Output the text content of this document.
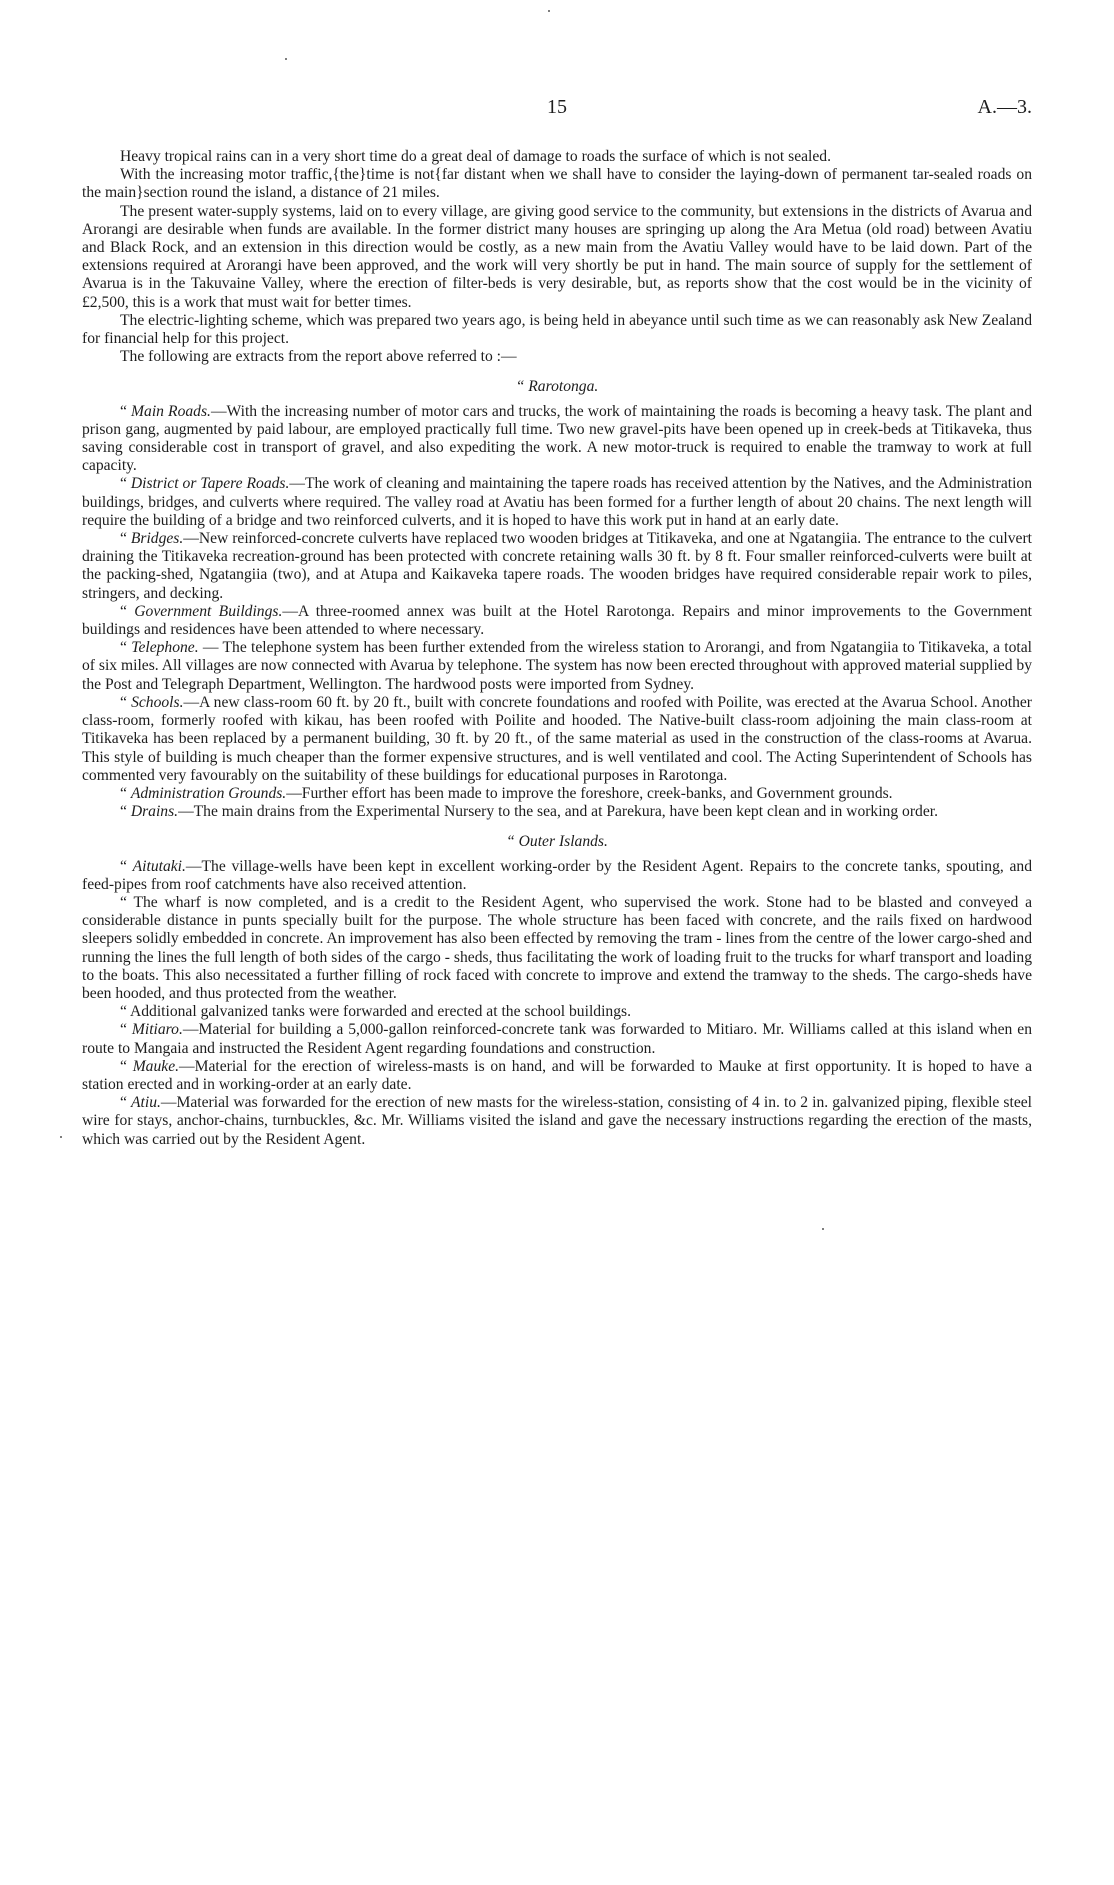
15	A.—3.

Heavy tropical rains can in a very short time do a great deal of damage to roads the surface of which is not sealed.

With the increasing motor traffic,{the}time is not{far distant when we shall have to consider the laying-down of permanent tar-sealed roads on the main}section round the island, a distance of 21 miles.

The present water-supply systems, laid on to every village, are giving good service to the community, but extensions in the districts of Avarua and Arorangi are desirable when funds are available. In the former district many houses are springing up along the Ara Metua (old road) between Avatiu and Black Rock, and an extension in this direction would be costly, as a new main from the Avatiu Valley would have to be laid down. Part of the extensions required at Arorangi have been approved, and the work will very shortly be put in hand. The main source of supply for the settlement of Avarua is in the Takuvaine Valley, where the erection of filter-beds is very desirable, but, as reports show that the cost would be in the vicinity of £2,500, this is a work that must wait for better times.

The electric-lighting scheme, which was prepared two years ago, is being held in abeyance until such time as we can reasonably ask New Zealand for financial help for this project.

The following are extracts from the report above referred to :—

“ Rarotonga.

“ Main Roads.—With the increasing number of motor cars and trucks, the work of maintaining the roads is becoming a heavy task. The plant and prison gang, augmented by paid labour, are employed practically full time. Two new gravel-pits have been opened up in creek-beds at Titikaveka, thus saving considerable cost in transport of gravel, and also expediting the work. A new motor-truck is required to enable the tramway to work at full capacity.

“ District or Tapere Roads.—The work of cleaning and maintaining the tapere roads has received attention by the Natives, and the Administration buildings, bridges, and culverts where required. The valley road at Avatiu has been formed for a further length of about 20 chains. The next length will require the building of a bridge and two reinforced culverts, and it is hoped to have this work put in hand at an early date.

“ Bridges.—New reinforced-concrete culverts have replaced two wooden bridges at Titikaveka, and one at Ngatangiia. The entrance to the culvert draining the Titikaveka recreation-ground has been protected with concrete retaining walls 30 ft. by 8 ft. Four smaller reinforced-culverts were built at the packing-shed, Ngatangiia (two), and at Atupa and Kaikaveka tapere roads. The wooden bridges have required considerable repair work to piles, stringers, and decking.

“ Government Buildings.—A three-roomed annex was built at the Hotel Rarotonga. Repairs and minor improvements to the Government buildings and residences have been attended to where necessary.

“ Telephone. — The telephone system has been further extended from the wireless station to Arorangi, and from Ngatangiia to Titikaveka, a total of six miles. All villages are now connected with Avarua by telephone. The system has now been erected throughout with approved material supplied by the Post and Telegraph Department, Wellington. The hardwood posts were imported from Sydney.

“ Schools.—A new class-room 60 ft. by 20 ft., built with concrete foundations and roofed with Poilite, was erected at the Avarua School. Another class-room, formerly roofed with kikau, has been roofed with Poilite and hooded. The Native-built class-room adjoining the main class-room at Titikaveka has been replaced by a permanent building, 30 ft. by 20 ft., of the same material as used in the construction of the class-rooms at Avarua. This style of building is much cheaper than the former expensive structures, and is well ventilated and cool. The Acting Superintendent of Schools has commented very favourably on the suitability of these buildings for educational purposes in Rarotonga.

“ Administration Grounds.—Further effort has been made to improve the foreshore, creek-banks, and Government grounds.

“ Drains.—The main drains from the Experimental Nursery to the sea, and at Parekura, have been kept clean and in working order.

“ Outer Islands.

“ Aitutaki.—The village-wells have been kept in excellent working-order by the Resident Agent. Repairs to the concrete tanks, spouting, and feed-pipes from roof catchments have also received attention.

“ The wharf is now completed, and is a credit to the Resident Agent, who supervised the work. Stone had to be blasted and conveyed a considerable distance in punts specially built for the purpose. The whole structure has been faced with concrete, and the rails fixed on hardwood sleepers solidly embedded in concrete. An improvement has also been effected by removing the tram - lines from the centre of the lower cargo-shed and running the lines the full length of both sides of the cargo - sheds, thus facilitating the work of loading fruit to the trucks for wharf transport and loading to the boats. This also necessitated a further filling of rock faced with concrete to improve and extend the tramway to the sheds. The cargo-sheds have been hooded, and thus protected from the weather.

“ Additional galvanized tanks were forwarded and erected at the school buildings.

“ Mitiaro.—Material for building a 5,000-gallon reinforced-concrete tank was forwarded to Mitiaro. Mr. Williams called at this island when en route to Mangaia and instructed the Resident Agent regarding foundations and construction.

“ Mauke.—Material for the erection of wireless-masts is on hand, and will be forwarded to Mauke at first opportunity. It is hoped to have a station erected and in working-order at an early date.

“ Atiu.—Material was forwarded for the erection of new masts for the wireless-station, consisting of 4 in. to 2 in. galvanized piping, flexible steel wire for stays, anchor-chains, turnbuckles, &c. Mr. Williams visited the island and gave the necessary instructions regarding the erection of the masts, which was carried out by the Resident Agent.
